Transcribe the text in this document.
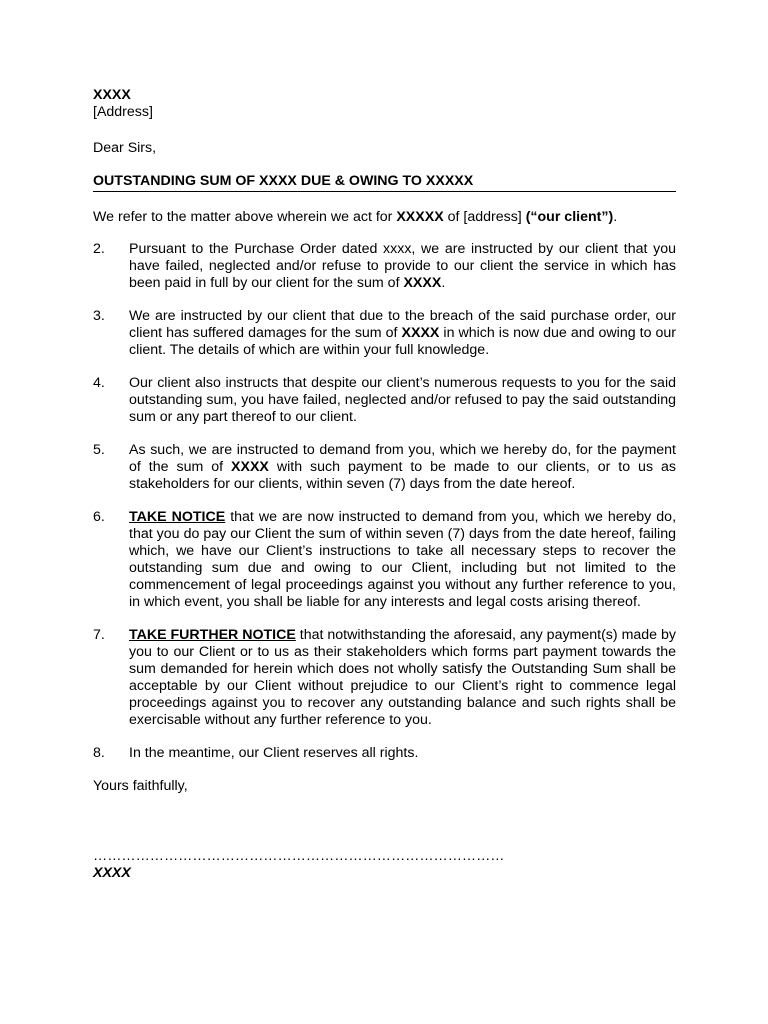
XXXX
[Address]
Dear Sirs,
OUTSTANDING SUM OF XXXX DUE & OWING TO XXXXX
We refer to the matter above wherein we act for XXXXX of [address] (“our client”).
2.	Pursuant to the Purchase Order dated xxxx, we are instructed by our client that you have failed, neglected and/or refuse to provide to our client the service in which has been paid in full by our client for the sum of XXXX.
3.	We are instructed by our client that due to the breach of the said purchase order, our client has suffered damages for the sum of XXXX in which is now due and owing to our client. The details of which are within your full knowledge.
4.	Our client also instructs that despite our client’s numerous requests to you for the said outstanding sum, you have failed, neglected and/or refused to pay the said outstanding sum or any part thereof to our client.
5.	As such, we are instructed to demand from you, which we hereby do, for the payment of the sum of XXXX with such payment to be made to our clients, or to us as stakeholders for our clients, within seven (7) days from the date hereof.
6.	TAKE NOTICE that we are now instructed to demand from you, which we hereby do, that you do pay our Client the sum of within seven (7) days from the date hereof, failing which, we have our Client’s instructions to take all necessary steps to recover the outstanding sum due and owing to our Client, including but not limited to the commencement of legal proceedings against you without any further reference to you, in which event, you shall be liable for any interests and legal costs arising thereof.
7.	TAKE FURTHER NOTICE that notwithstanding the aforesaid, any payment(s) made by you to our Client or to us as their stakeholders which forms part payment towards the sum demanded for herein which does not wholly satisfy the Outstanding Sum shall be acceptable by our Client without prejudice to our Client’s right to commence legal proceedings against you to recover any outstanding balance and such rights shall be exercisable without any further reference to you.
8.	In the meantime, our Client reserves all rights.
Yours faithfully,
……………………………………………………………………………
XXXX
